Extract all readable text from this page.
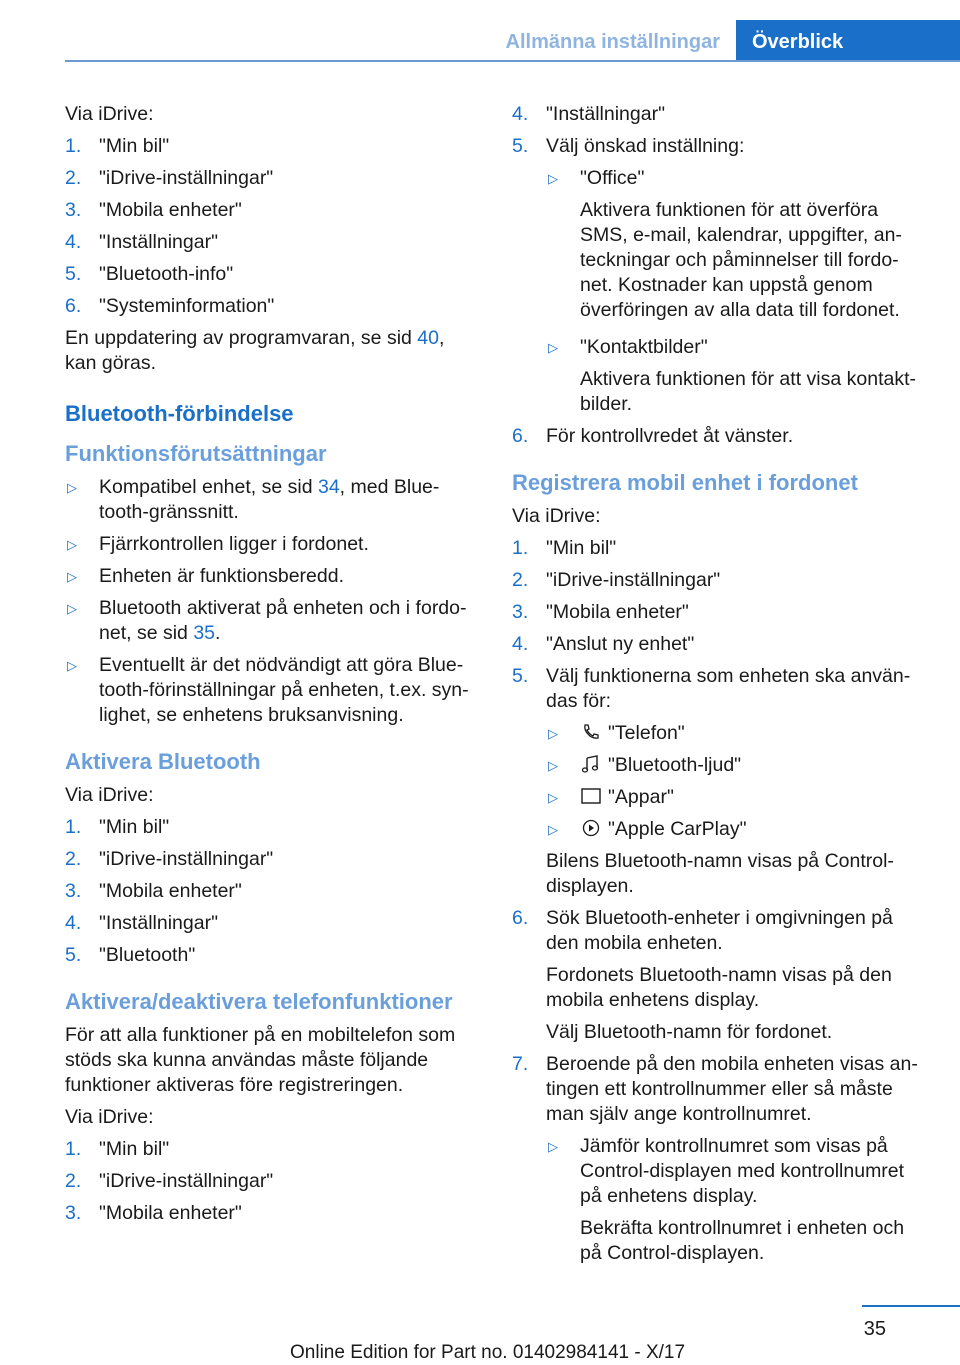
Allmänna inställningar	Överblick

Via iDrive:

1. "Min bil"
2. "iDrive-inställningar"
3. "Mobila enheter"
4. "Inställningar"
5. "Bluetooth-info"
6. "Systeminformation"

En uppdatering av programvaran, se sid 40, kan göras.

Bluetooth-förbindelse
Funktionsförutsättningar
▷ Kompatibel enhet, se sid 34, med Blue-tooth-gränssnitt.
▷ Fjärrkontrollen ligger i fordonet.
▷ Enheten är funktionsberedd.
▷ Bluetooth aktiverat på enheten och i fordo-net, se sid 35.
▷ Eventuellt är det nödvändigt att göra Blue-tooth-förinställningar på enheten, t.ex. syn-lighet, se enhetens bruksanvisning.
Aktivera Bluetooth

Via iDrive:

1. "Min bil"
2. "iDrive-inställningar"
3. "Mobila enheter"
4. "Inställningar"
5. "Bluetooth"
Aktivera/deaktivera telefonfunktioner

För att alla funktioner på en mobiltelefon som stöds ska kunna användas måste följande funktioner aktiveras före registreringen.

Via iDrive:

1. "Min bil"
2. "iDrive-inställningar"
3. "Mobila enheter"
4. "Inställningar"
5. Välj önskad inställning:
▷ "Office"
Aktivera funktionen för att överföra SMS, e-mail, kalendrar, uppgifter, an-teckningar och påminnelser till fordo-net. Kostnader kan uppstå genom överföringen av alla data till fordonet.
▷ "Kontaktbilder"
Aktivera funktionen för att visa kontakt-bilder.
6. För kontrollvredet åt vänster.
Registrera mobil enhet i fordonet

Via iDrive:

1. "Min bil"
2. "iDrive-inställningar"
3. "Mobila enheter"
4. "Anslut ny enhet"
5. Välj funktionerna som enheten ska använ-das för:
▷	"Telefon"
▷	"Bluetooth-ljud"
▷	"Appar"
▷	"Apple CarPlay"
Bilens Bluetooth-namn visas på Control-displayen.
6. Sök Bluetooth-enheter i omgivningen på den mobila enheten.
Fordonets Bluetooth-namn visas på den mobila enhetens display.
Välj Bluetooth-namn för fordonet.
7. Beroende på den mobila enheten visas an-tingen ett kontrollnummer eller så måste man själv ange kontrollnumret.
▷ Jämför kontrollnumret som visas på Control-displayen med kontrollnumret på enhetens display.
Bekräfta kontrollnumret i enheten och på Control-displayen.
35
Online Edition for Part no. 01402984141 - X/17
